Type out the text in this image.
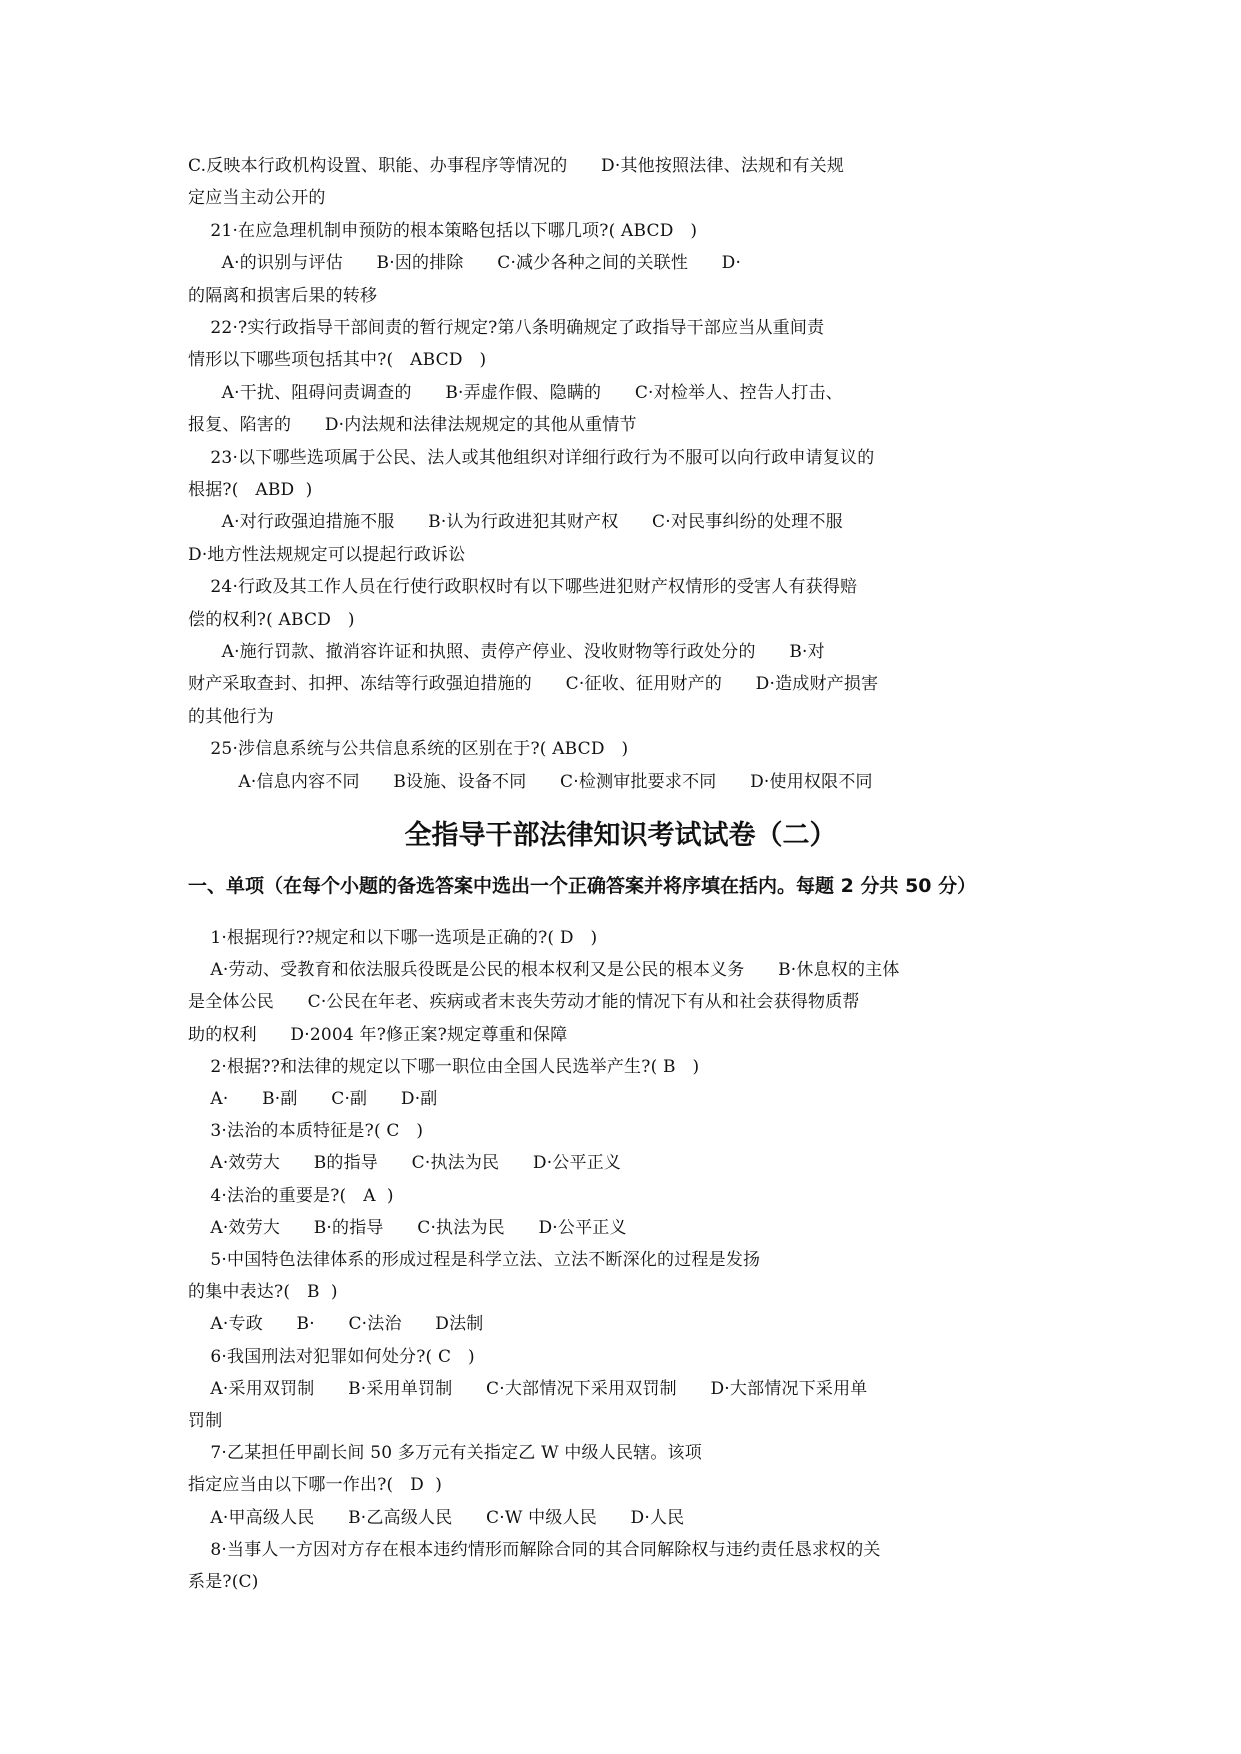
C.反映本行政机构设置、职能、办事程序等情况的      D·其他按照法律、法规和有关规
定应当主动公开的
21·在应急理机制申预防的根本策略包括以下哪几项?( ABCD   )
A·的识别与评估      B·因的排除      C·减少各种之间的关联性      D·
的隔离和损害后果的转移
22·?实行政指导干部间责的暂行规定?第八条明确规定了政指导干部应当从重间责
情形以下哪些项包括其中?(   ABCD   )
A·干扰、阻碍问责调查的      B·弄虚作假、隐瞒的      C·对检举人、控告人打击、
报复、陷害的      D·内法规和法律法规规定的其他从重情节
23·以下哪些选项属于公民、法人或其他组织对详细行政行为不服可以向行政申请复议的
根据?(   ABD  )
A·对行政强迫措施不服      B·认为行政进犯其财产权      C·对民事纠纷的处理不服
D·地方性法规规定可以提起行政诉讼
24·行政及其工作人员在行使行政职权时有以下哪些进犯财产权情形的受害人有获得赔
偿的权利?( ABCD   )
A·施行罚款、撤消容许证和执照、责停产停业、没收财物等行政处分的      B·对
财产采取查封、扣押、冻结等行政强迫措施的      C·征收、征用财产的      D·造成财产损害
的其他行为
25·涉信息系统与公共信息系统的区别在于?( ABCD   )
A·信息内容不同      B设施、设备不同      C·检测审批要求不同      D·使用权限不同
全指导干部法律知识考试试卷（二）
一、单项（在每个小题的备选答案中选出一个正确答案并将序填在括内。每题 2 分共 50 分）
1·根据现行??规定和以下哪一选项是正确的?( D   )
A·劳动、受教育和依法服兵役既是公民的根本权利又是公民的根本义务      B·休息权的主体
是全体公民      C·公民在年老、疾病或者末丧失劳动才能的情况下有从和社会获得物质帮
助的权利      D·2004 年?修正案?规定尊重和保障
2·根据??和法律的规定以下哪一职位由全国人民选举产生?( B   )
A·      B·副      C·副      D·副
3·法治的本质特征是?( C   )
A·效劳大      B的指导      C·执法为民      D·公平正义
4·法治的重要是?(   A  )
A·效劳大      B·的指导      C·执法为民      D·公平正义
5·中国特色法律体系的形成过程是科学立法、立法不断深化的过程是发扬
的集中表达?(   B  )
A·专政      B·      C·法治      D法制
6·我国刑法对犯罪如何处分?( C   )
A·采用双罚制      B·采用单罚制      C·大部情况下采用双罚制      D·大部情况下采用单
罚制
7·乙某担任甲副长间 50 多万元有关指定乙 W 中级人民辖。该项
指定应当由以下哪一作出?(   D  )
A·甲高级人民      B·乙高级人民      C·W 中级人民      D·人民
8·当事人一方因对方存在根本违约情形而解除合同的其合同解除权与违约责任恳求权的关
系是?(C)
